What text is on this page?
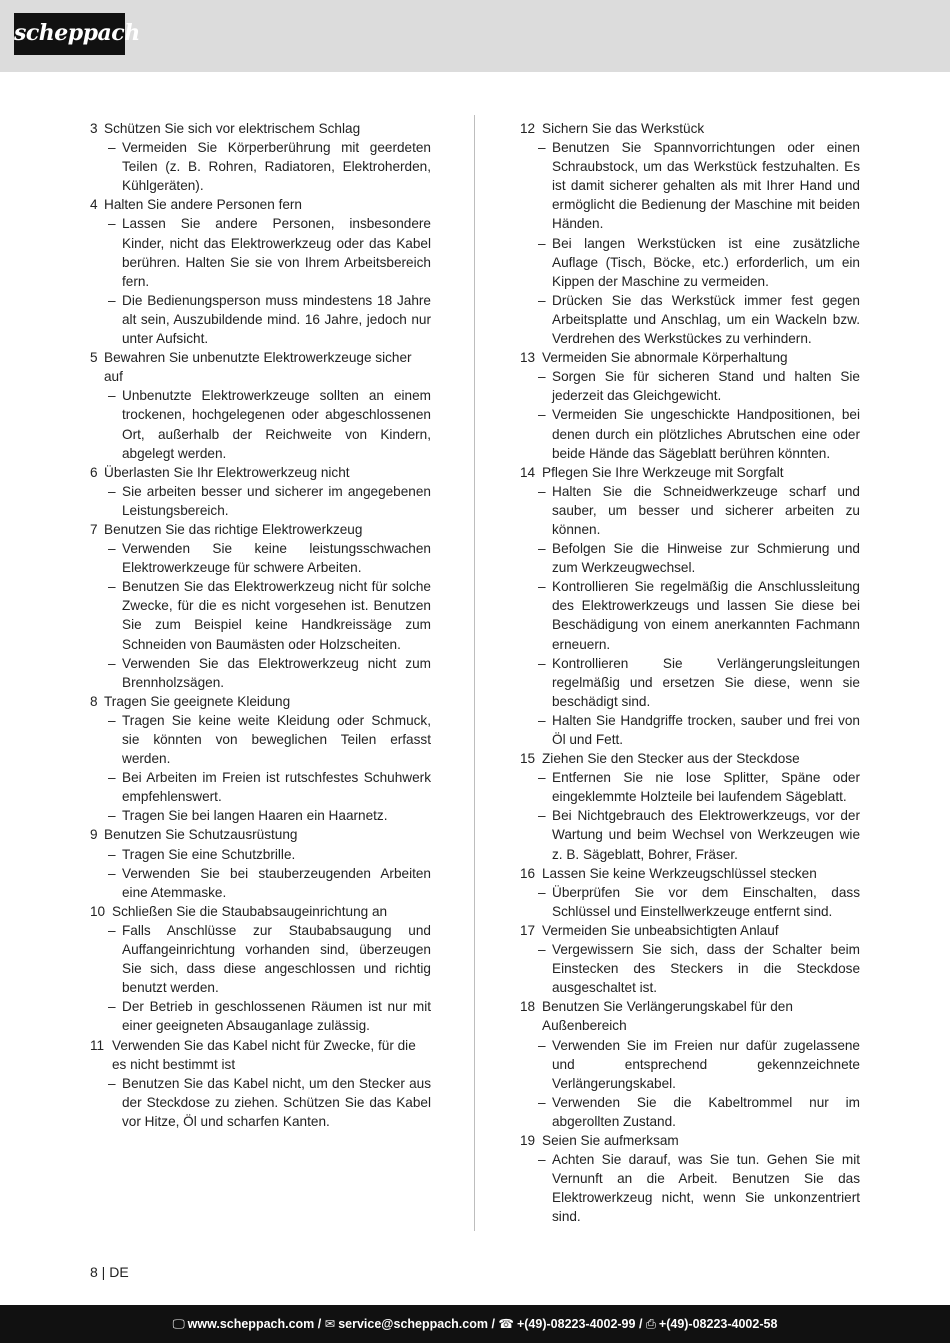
scheppach
3 Schützen Sie sich vor elektrischem Schlag
– Vermeiden Sie Körperberührung mit geerdeten Teilen (z. B. Rohren, Radiatoren, Elektroherden, Kühlgeräten).
4 Halten Sie andere Personen fern
– Lassen Sie andere Personen, insbesondere Kinder, nicht das Elektrowerkzeug oder das Kabel berühren. Halten Sie sie von Ihrem Arbeitsbereich fern.
– Die Bedienungsperson muss mindestens 18 Jahre alt sein, Auszubildende mind. 16 Jahre, jedoch nur unter Aufsicht.
5 Bewahren Sie unbenutzte Elektrowerkzeuge sicher auf
– Unbenutzte Elektrowerkzeuge sollten an einem trockenen, hochgelegenen oder abgeschlossenen Ort, außerhalb der Reichweite von Kindern, abgelegt werden.
6 Überlasten Sie Ihr Elektrowerkzeug nicht
– Sie arbeiten besser und sicherer im angegebenen Leistungsbereich.
7 Benutzen Sie das richtige Elektrowerkzeug
– Verwenden Sie keine leistungsschwachen Elektrowerkzeuge für schwere Arbeiten.
– Benutzen Sie das Elektrowerkzeug nicht für solche Zwecke, für die es nicht vorgesehen ist. Benutzen Sie zum Beispiel keine Handkreissäge zum Schneiden von Baumästen oder Holzscheiten.
– Verwenden Sie das Elektrowerkzeug nicht zum Brennholzsägen.
8 Tragen Sie geeignete Kleidung
– Tragen Sie keine weite Kleidung oder Schmuck, sie könnten von beweglichen Teilen erfasst werden.
– Bei Arbeiten im Freien ist rutschfestes Schuhwerk empfehlenswert.
– Tragen Sie bei langen Haaren ein Haarnetz.
9 Benutzen Sie Schutzausrüstung
– Tragen Sie eine Schutzbrille.
– Verwenden Sie bei stauberzeugenden Arbeiten eine Atemmaske.
10 Schließen Sie die Staubabsaugeinrichtung an
– Falls Anschlüsse zur Staubabsaugung und Auffangeinrichtung vorhanden sind, überzeugen Sie sich, dass diese angeschlossen und richtig benutzt werden.
– Der Betrieb in geschlossenen Räumen ist nur mit einer geeigneten Absauganlage zulässig.
11 Verwenden Sie das Kabel nicht für Zwecke, für die es nicht bestimmt ist
– Benutzen Sie das Kabel nicht, um den Stecker aus der Steckdose zu ziehen. Schützen Sie das Kabel vor Hitze, Öl und scharfen Kanten.
12 Sichern Sie das Werkstück
– Benutzen Sie Spannvorrichtungen oder einen Schraubstock, um das Werkstück festzuhalten. Es ist damit sicherer gehalten als mit Ihrer Hand und ermöglicht die Bedienung der Maschine mit beiden Händen.
– Bei langen Werkstücken ist eine zusätzliche Auflage (Tisch, Böcke, etc.) erforderlich, um ein Kippen der Maschine zu vermeiden.
– Drücken Sie das Werkstück immer fest gegen Arbeitsplatte und Anschlag, um ein Wackeln bzw. Verdrehen des Werkstückes zu verhindern.
13 Vermeiden Sie abnormale Körperhaltung
– Sorgen Sie für sicheren Stand und halten Sie jederzeit das Gleichgewicht.
– Vermeiden Sie ungeschickte Handpositionen, bei denen durch ein plötzliches Abrutschen eine oder beide Hände das Sägeblatt berühren könnten.
14 Pflegen Sie Ihre Werkzeuge mit Sorgfalt
– Halten Sie die Schneidwerkzeuge scharf und sauber, um besser und sicherer arbeiten zu können.
– Befolgen Sie die Hinweise zur Schmierung und zum Werkzeugwechsel.
– Kontrollieren Sie regelmäßig die Anschlussleitung des Elektrowerkzeugs und lassen Sie diese bei Beschädigung von einem anerkannten Fachmann erneuern.
– Kontrollieren Sie Verlängerungsleitungen regelmäßig und ersetzen Sie diese, wenn sie beschädigt sind.
– Halten Sie Handgriffe trocken, sauber und frei von Öl und Fett.
15 Ziehen Sie den Stecker aus der Steckdose
– Entfernen Sie nie lose Splitter, Späne oder eingeklemmte Holzteile bei laufendem Sägeblatt.
– Bei Nichtgebrauch des Elektrowerkzeugs, vor der Wartung und beim Wechsel von Werkzeugen wie z. B. Sägeblatt, Bohrer, Fräser.
16 Lassen Sie keine Werkzeugschlüssel stecken
– Überprüfen Sie vor dem Einschalten, dass Schlüssel und Einstellwerkzeuge entfernt sind.
17 Vermeiden Sie unbeabsichtigten Anlauf
– Vergewissern Sie sich, dass der Schalter beim Einstecken des Steckers in die Steckdose ausgeschaltet ist.
18 Benutzen Sie Verlängerungskabel für den Außenbereich
– Verwenden Sie im Freien nur dafür zugelassene und entsprechend gekennzeichnete Verlängerungskabel.
– Verwenden Sie die Kabeltrommel nur im abgerollten Zustand.
19 Seien Sie aufmerksam
– Achten Sie darauf, was Sie tun. Gehen Sie mit Vernunft an die Arbeit. Benutzen Sie das Elektrowerkzeug nicht, wenn Sie unkonzentriert sind.
8 | DE
🖵 www.scheppach.com / ✉ service@scheppach.com / ☎ +(49)-08223-4002-99 / ⎙ +(49)-08223-4002-58
